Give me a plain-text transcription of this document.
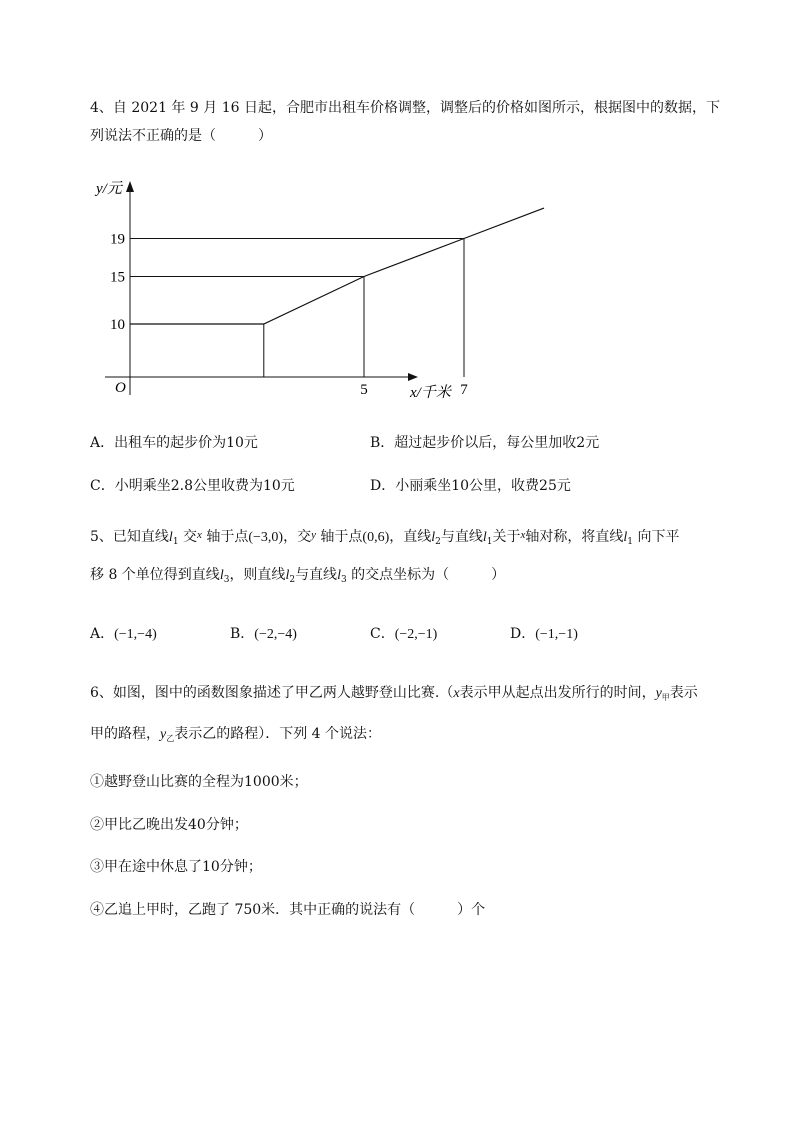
4、自 2021 年 9 月 16 日起，合肥市出租车价格调整，调整后的价格如图所示，根据图中的数据，下
列说法不正确的是（　　　）
10
15
19
5	7
O
y/元
x/千米
A．出租车的起步价为10元	B．超过起步价以后，每公里加收2元
C．小明乘坐2.8公里收费为10元	D．小丽乘坐10公里，收费25元
5、已知直线$l_1$ 交$^x$ 轴于点(−3,0)，交$^y$ 轴于点(0,6)，直线$l_2$与直线$l_1$关于$^x$轴对称，将直线$l_1$ 向下平
移 8 个单位得到直线$l_3$，则直线$l_2$与直线$l_3$ 的交点坐标为（　　　）
A．(−1,−4)	B．(−2,−4)	C．(−2,−1)	D．(−1,−1)
6、如图，图中的函数图象描述了甲乙两人越野登山比赛.（x表示甲从起点出发所行的时间，$y_甲$表示
甲的路程，$y_乙$表示乙的路程）．下列 4 个说法：
①越野登山比赛的全程为1000米；
②甲比乙晚出发40分钟；
③甲在途中休息了10分钟；
④乙追上甲时，乙跑了 750米．其中正确的说法有（　　　）个
